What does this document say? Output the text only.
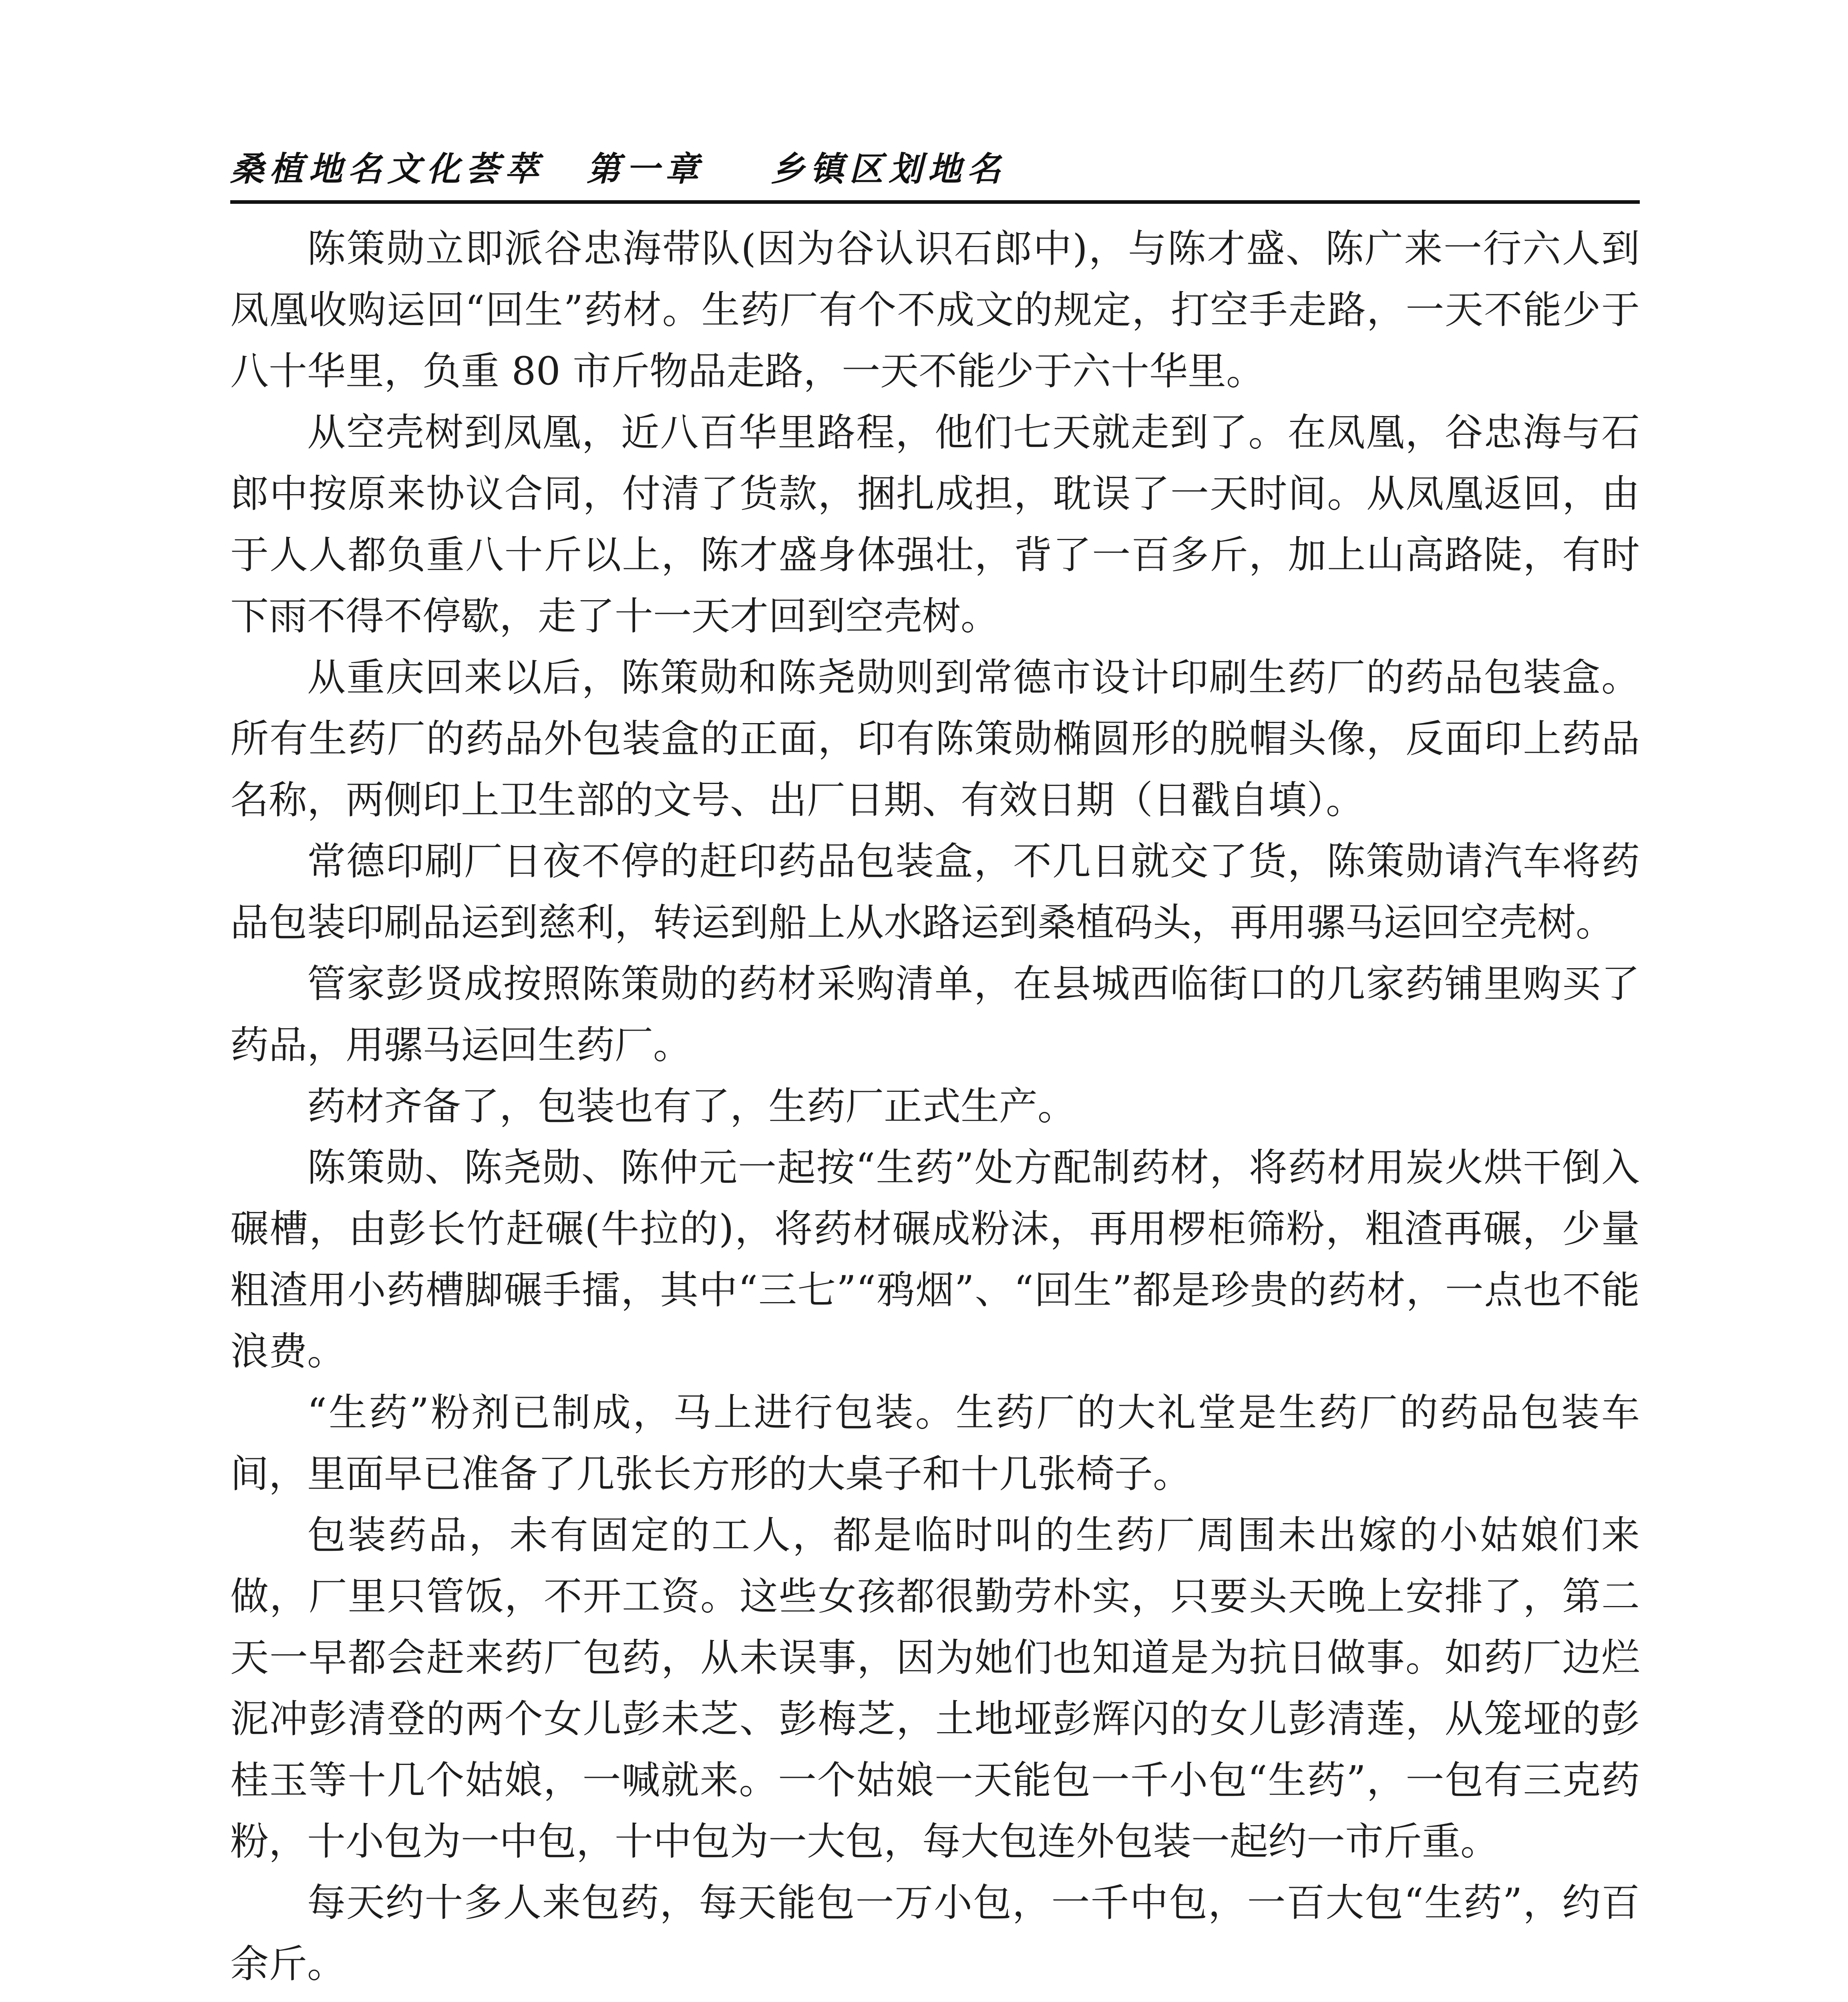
桑植地名文化荟萃	第一章	乡镇区划地名

陈策勋立即派谷忠海带队(因为谷认识石郎中)，与陈才盛、陈广来一行六人到凤凰收购运回“回生”药材。生药厂有个不成文的规定，打空手走路，一天不能少于八十华里，负重 80 市斤物品走路，一天不能少于六十华里。

从空壳树到凤凰，近八百华里路程，他们七天就走到了。在凤凰，谷忠海与石郎中按原来协议合同，付清了货款，捆扎成担，耽误了一天时间。从凤凰返回，由于人人都负重八十斤以上，陈才盛身体强壮，背了一百多斤，加上山高路陡，有时下雨不得不停歇，走了十一天才回到空壳树。

从重庆回来以后，陈策勋和陈尧勋则到常德市设计印刷生药厂的药品包装盒。所有生药厂的药品外包装盒的正面，印有陈策勋椭圆形的脱帽头像，反面印上药品名称，两侧印上卫生部的文号、出厂日期、有效日期（日戳自填）。

常德印刷厂日夜不停的赶印药品包装盒，不几日就交了货，陈策勋请汽车将药品包装印刷品运到慈利，转运到船上从水路运到桑植码头，再用骡马运回空壳树。

管家彭贤成按照陈策勋的药材采购清单，在县城西临街口的几家药铺里购买了药品，用骡马运回生药厂。

药材齐备了，包装也有了，生药厂正式生产。

陈策勋、陈尧勋、陈仲元一起按“生药”处方配制药材，将药材用炭火烘干倒入碾槽，由彭长竹赶碾(牛拉的)，将药材碾成粉沫，再用椤柜筛粉，粗渣再碾，少量粗渣用小药槽脚碾手擂，其中“三七”“鸦烟”、“回生”都是珍贵的药材，一点也不能浪费。

“生药”粉剂已制成，马上进行包装。生药厂的大礼堂是生药厂的药品包装车间，里面早已准备了几张长方形的大桌子和十几张椅子。

包装药品，未有固定的工人，都是临时叫的生药厂周围未出嫁的小姑娘们来做，厂里只管饭，不开工资。这些女孩都很勤劳朴实，只要头天晚上安排了，第二天一早都会赶来药厂包药，从未误事，因为她们也知道是为抗日做事。如药厂边烂泥冲彭清登的两个女儿彭未芝、彭梅芝，土地垭彭辉闪的女儿彭清莲，从笼垭的彭桂玉等十几个姑娘，一喊就来。一个姑娘一天能包一千小包“生药”，一包有三克药粉，十小包为一中包，十中包为一大包，每大包连外包装一起约一市斤重。

每天约十多人来包药，每天能包一万小包，一千中包，一百大包“生药”，约百余斤。
